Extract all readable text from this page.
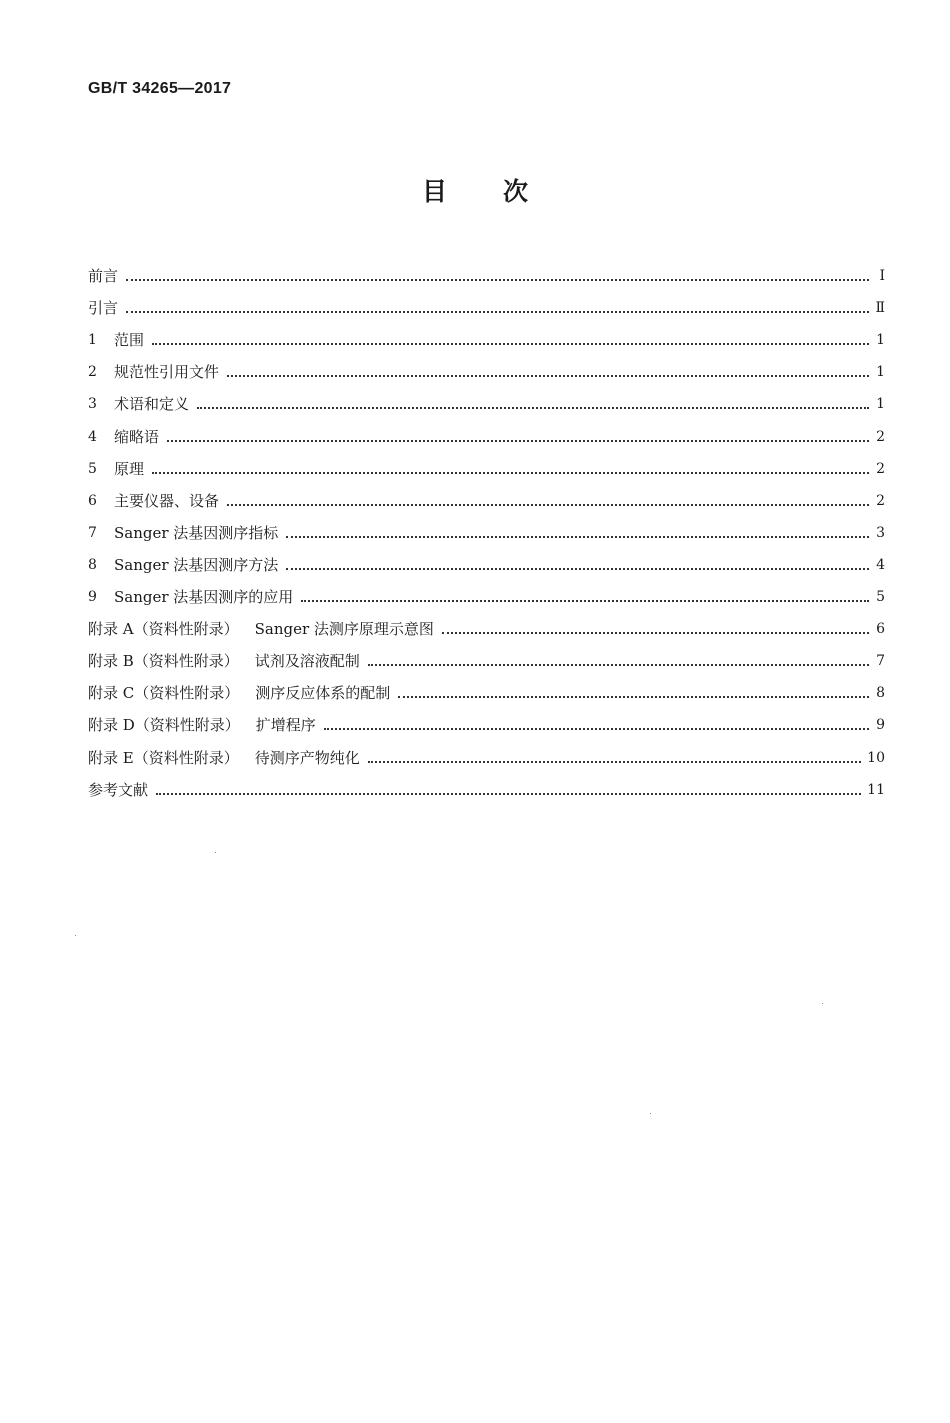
GB/T 34265—2017
目 次
前言	Ⅰ
引言	Ⅱ
1	范围	1
2	规范性引用文件	1
3	术语和定义	1
4	缩略语	2
5	原理	2
6	主要仪器、设备	2
7	Sanger 法基因测序指标	3
8	Sanger 法基因测序方法	4
9	Sanger 法基因测序的应用	5
附录 A（资料性附录） Sanger 法测序原理示意图	6
附录 B（资料性附录） 试剂及溶液配制	7
附录 C（资料性附录） 测序反应体系的配制	8
附录 D（资料性附录） 扩增程序	9
附录 E（资料性附录） 待测序产物纯化	10
参考文献	11
